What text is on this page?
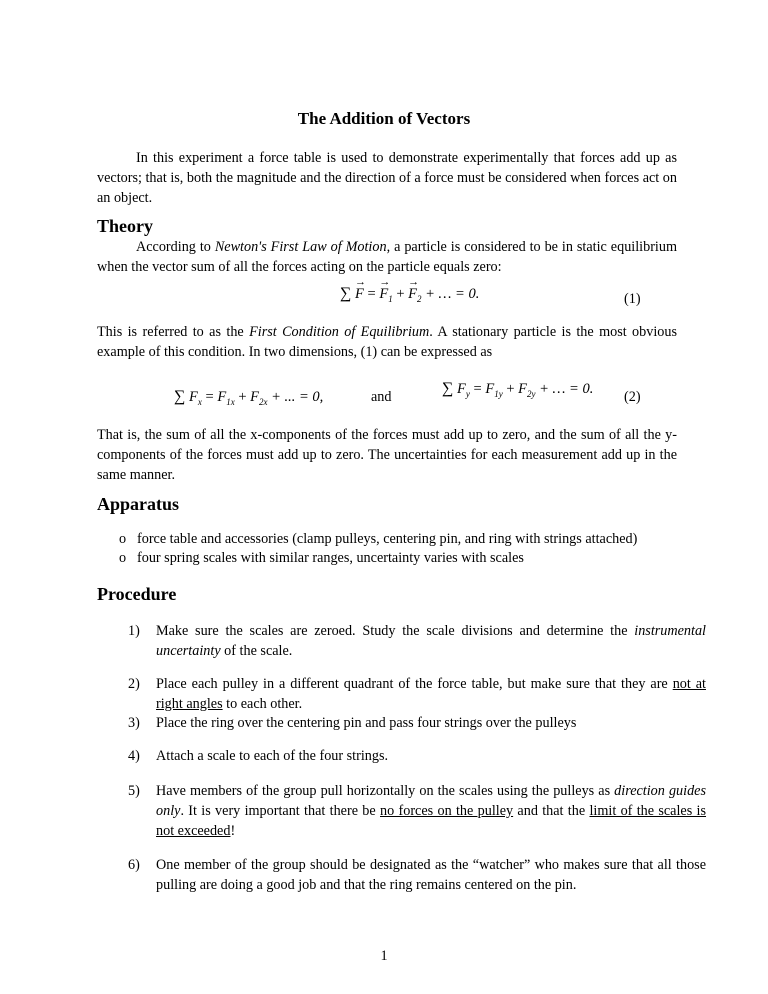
The Addition of Vectors

In this experiment a force table is used to demonstrate experimentally that forces add up as vectors; that is, both the magnitude and the direction of a force must be considered when forces act on an object.

Theory

According to Newton's First Law of Motion, a particle is considered to be in static equilibrium when the vector sum of all the forces acting on the particle equals zero:

∑ → F = → $F_1$ + → $F_2$ + … = 0.	(1)

This is referred to as the First Condition of Equilibrium. A stationary particle is the most obvious example of this condition. In two dimensions, (1) can be expressed as

∑ $F_x = F_{1x} + F_{2x}$ + ... = 0,	and	∑ $F_y = F_{1y} + F_{2y}$ + … = 0. (2)

That is, the sum of all the x-components of the forces must add up to zero, and the sum of all the y-components of the forces must add up to zero. The uncertainties for each measurement add up in the same manner.

Apparatus
o force table and accessories (clamp pulleys, centering pin, and ring with strings attached)
o four spring scales with similar ranges, uncertainty varies with scales
Procedure

1) Make sure the scales are zeroed. Study the scale divisions and determine the instrumental uncertainty of the scale.

2) Place each pulley in a different quadrant of the force table, but make sure that they are not at right angles to each other.

3) Place the ring over the centering pin and pass four strings over the pulleys

4) Attach a scale to each of the four strings.

5) Have members of the group pull horizontally on the scales using the pulleys as direction guides only. It is very important that there be no forces on the pulley and that the limit of the scales is not exceeded!

6) One member of the group should be designated as the “watcher” who makes sure that all those pulling are doing a good job and that the ring remains centered on the pin.

1
